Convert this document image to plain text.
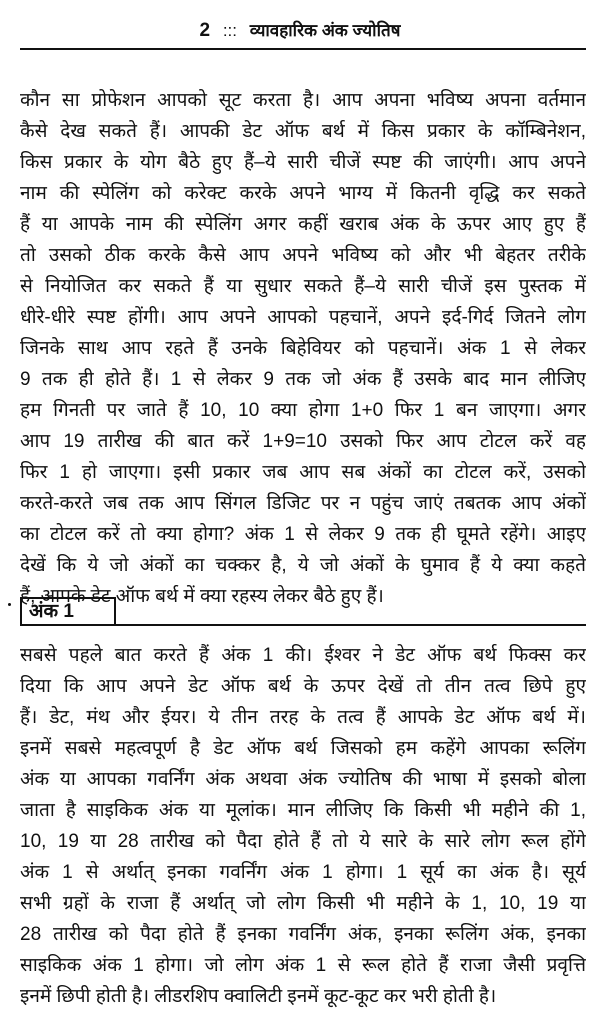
2 ::: व्यावहारिक अंक ज्योतिष
कौन सा प्रोफेशन आपको सूट करता है। आप अपना भविष्य अपना वर्तमान
कैसे देख सकते हैं। आपकी डेट ऑफ बर्थ में किस प्रकार के कॉम्बिनेशन,
किस प्रकार के योग बैठे हुए हैं–ये सारी चीजें स्पष्ट की जाएंगी। आप अपने
नाम की स्पेलिंग को करेक्ट करके अपने भाग्य में कितनी वृद्धि कर सकते
हैं या आपके नाम की स्पेलिंग अगर कहीं खराब अंक के ऊपर आए हुए हैं
तो उसको ठीक करके कैसे आप अपने भविष्य को और भी बेहतर तरीके
से नियोजित कर सकते हैं या सुधार सकते हैं–ये सारी चीजें इस पुस्तक में
धीरे-धीरे स्पष्ट होंगी। आप अपने आपको पहचानें, अपने इर्द-गिर्द जितने लोग
जिनके साथ आप रहते हैं उनके बिहेवियर को पहचानें। अंक 1 से लेकर
9 तक ही होते हैं। 1 से लेकर 9 तक जो अंक हैं उसके बाद मान लीजिए
हम गिनती पर जाते हैं 10, 10 क्या होगा 1+0 फिर 1 बन जाएगा। अगर
आप 19 तारीख की बात करें 1+9=10 उसको फिर आप टोटल करें वह
फिर 1 हो जाएगा। इसी प्रकार जब आप सब अंकों का टोटल करें, उसको
करते-करते जब तक आप सिंगल डिजिट पर न पहुंच जाएं तबतक आप अंकों
का टोटल करें तो क्या होगा? अंक 1 से लेकर 9 तक ही घूमते रहेंगे। आइए
देखें कि ये जो अंकों का चक्कर है, ये जो अंकों के घुमाव हैं ये क्या कहते
हैं, आपके डेट ऑफ बर्थ में क्या रहस्य लेकर बैठे हुए हैं।
अंक 1
सबसे पहले बात करते हैं अंक 1 की। ईश्वर ने डेट ऑफ बर्थ फिक्स कर
दिया कि आप अपने डेट ऑफ बर्थ के ऊपर देखें तो तीन तत्व छिपे हुए
हैं। डेट, मंथ और ईयर। ये तीन तरह के तत्व हैं आपके डेट ऑफ बर्थ में।
इनमें सबसे महत्वपूर्ण है डेट ऑफ बर्थ जिसको हम कहेंगे आपका रूलिंग
अंक या आपका गवर्निंग अंक अथवा अंक ज्योतिष की भाषा में इसको बोला
जाता है साइकिक अंक या मूलांक। मान लीजिए कि किसी भी महीने की 1,
10, 19 या 28 तारीख को पैदा होते हैं तो ये सारे के सारे लोग रूल होंगे
अंक 1 से अर्थात् इनका गवर्निंग अंक 1 होगा। 1 सूर्य का अंक है। सूर्य
सभी ग्रहों के राजा हैं अर्थात् जो लोग किसी भी महीने के 1, 10, 19 या
28 तारीख को पैदा होते हैं इनका गवर्निंग अंक, इनका रूलिंग अंक, इनका
साइकिक अंक 1 होगा। जो लोग अंक 1 से रूल होते हैं राजा जैसी प्रवृत्ति
इनमें छिपी होती है। लीडरशिप क्वालिटी इनमें कूट-कूट कर भरी होती है।
